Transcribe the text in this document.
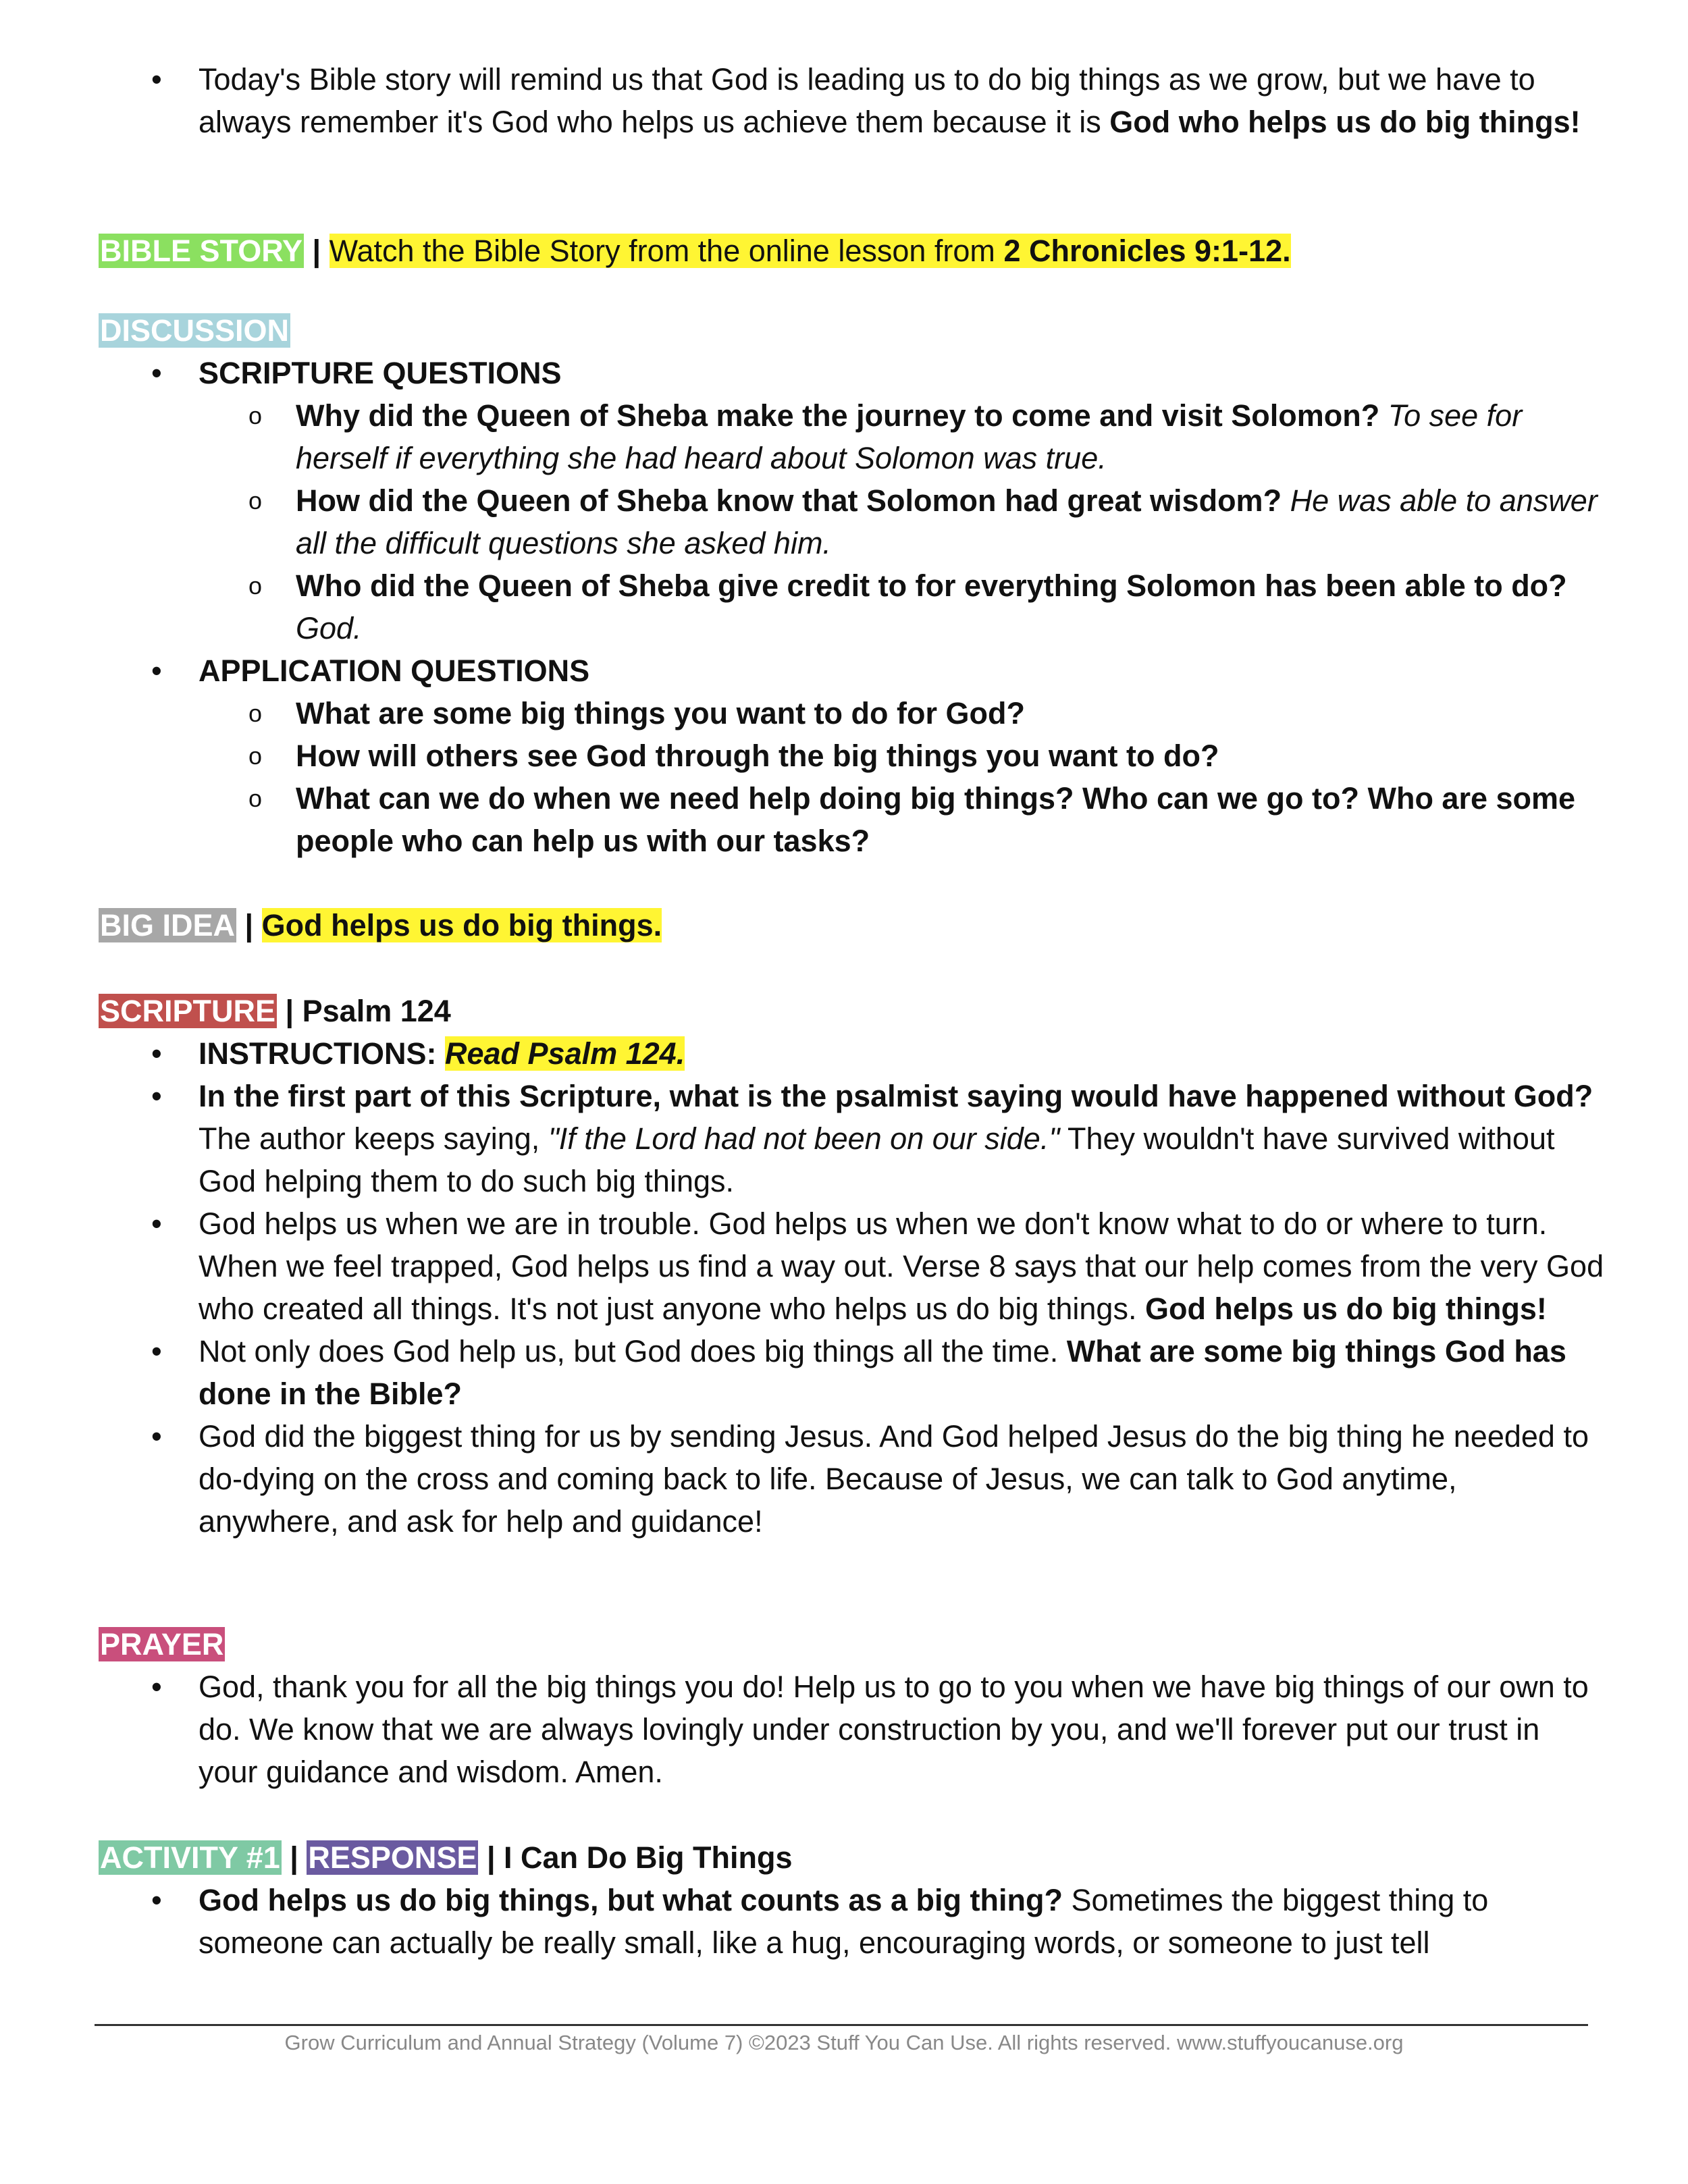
• Today's Bible story will remind us that God is leading us to do big things as we grow, but we have to always remember it's God who helps us achieve them because it is God who helps us do big things!
BIBLE STORY | Watch the Bible Story from the online lesson from 2 Chronicles 9:1-12.
DISCUSSION
• SCRIPTURE QUESTIONS
o Why did the Queen of Sheba make the journey to come and visit Solomon? To see for herself if everything she had heard about Solomon was true.
o How did the Queen of Sheba know that Solomon had great wisdom? He was able to answer all the difficult questions she asked him.
o Who did the Queen of Sheba give credit to for everything Solomon has been able to do? God.
• APPLICATION QUESTIONS
o What are some big things you want to do for God?
o How will others see God through the big things you want to do?
o What can we do when we need help doing big things? Who can we go to? Who are some people who can help us with our tasks?
BIG IDEA | God helps us do big things.
SCRIPTURE | Psalm 124
• INSTRUCTIONS: Read Psalm 124.
• In the first part of this Scripture, what is the psalmist saying would have happened without God? The author keeps saying, "If the Lord had not been on our side." They wouldn't have survived without God helping them to do such big things.
• God helps us when we are in trouble. God helps us when we don't know what to do or where to turn. When we feel trapped, God helps us find a way out. Verse 8 says that our help comes from the very God who created all things. It's not just anyone who helps us do big things. God helps us do big things!
• Not only does God help us, but God does big things all the time. What are some big things God has done in the Bible?
• God did the biggest thing for us by sending Jesus. And God helped Jesus do the big thing he needed to do-dying on the cross and coming back to life. Because of Jesus, we can talk to God anytime, anywhere, and ask for help and guidance!
PRAYER
• God, thank you for all the big things you do! Help us to go to you when we have big things of our own to do. We know that we are always lovingly under construction by you, and we'll forever put our trust in your guidance and wisdom. Amen.
ACTIVITY #1 | RESPONSE | I Can Do Big Things
• God helps us do big things, but what counts as a big thing? Sometimes the biggest thing to someone can actually be really small, like a hug, encouraging words, or someone to just tell
Grow Curriculum and Annual Strategy (Volume 7) ©2023 Stuff You Can Use. All rights reserved. www.stuffyoucanuse.org
